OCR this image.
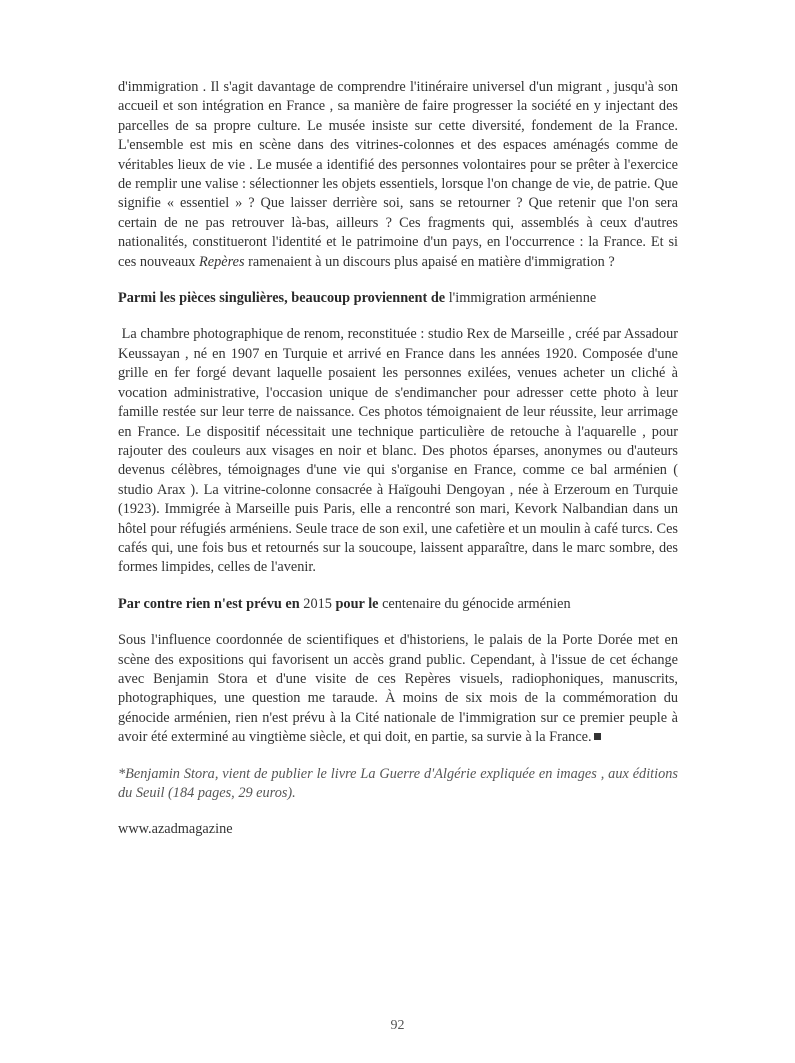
d'immigration . Il s'agit davantage de comprendre l'itinéraire universel d'un migrant , jusqu'à son accueil et son intégration en France , sa manière de faire progresser la société en y injectant des parcelles de sa propre culture. Le musée insiste sur cette diversité, fondement de la France. L'ensemble est mis en scène dans des vitrines-colonnes et des espaces aménagés comme de véritables lieux de vie . Le musée a identifié des personnes volontaires pour se prêter à l'exercice de remplir une valise : sélectionner les objets essentiels, lorsque l'on change de vie, de patrie. Que signifie « essentiel » ? Que laisser derrière soi, sans se retourner ? Que retenir que l'on sera certain de ne pas retrouver là-bas, ailleurs ? Ces fragments qui, assemblés à ceux d'autres nationalités, constitueront l'identité et le patrimoine d'un pays, en l'occurrence : la France. Et si ces nouveaux Repères ramenaient à un discours plus apaisé en matière d'immigration ?

Parmi les pièces singulières, beaucoup proviennent de l'immigration arménienne

La chambre photographique de renom, reconstituée : studio Rex de Marseille , créé par Assadour Keussayan , né en 1907 en Turquie et arrivé en France dans les années 1920. Composée d'une grille en fer forgé devant laquelle posaient les personnes exilées, venues acheter un cliché à vocation administrative, l'occasion unique de s'endimancher pour adresser cette photo à leur famille restée sur leur terre de naissance. Ces photos témoignaient de leur réussite, leur arrimage en France. Le dispositif nécessitait une technique particulière de retouche à l'aquarelle , pour rajouter des couleurs aux visages en noir et blanc. Des photos éparses, anonymes ou d'auteurs devenus célèbres, témoignages d'une vie qui s'organise en France, comme ce bal arménien ( studio Arax ). La vitrine-colonne consacrée à Haïgouhi Dengoyan , née à Erzeroum en Turquie (1923). Immigrée à Marseille puis Paris, elle a rencontré son mari, Kevork Nalbandian dans un hôtel pour réfugiés arméniens. Seule trace de son exil, une cafetière et un moulin à café turcs. Ces cafés qui, une fois bus et retournés sur la soucoupe, laissent apparaître, dans le marc sombre, des formes limpides, celles de l'avenir.

Par contre rien n'est prévu en 2015 pour le centenaire du génocide arménien

Sous l'influence coordonnée de scientifiques et d'historiens, le palais de la Porte Dorée met en scène des expositions qui favorisent un accès grand public. Cependant, à l'issue de cet échange avec Benjamin Stora et d'une visite de ces Repères visuels, radiophoniques, manuscrits, photographiques, une question me taraude. À moins de six mois de la commémoration du génocide arménien, rien n'est prévu à la Cité nationale de l'immigration sur ce premier peuple à avoir été exterminé au vingtième siècle, et qui doit, en partie, sa survie à la France.

*Benjamin Stora, vient de publier le livre La Guerre d'Algérie expliquée en images , aux éditions du Seuil (184 pages, 29 euros).

www.azadmagazine

92
